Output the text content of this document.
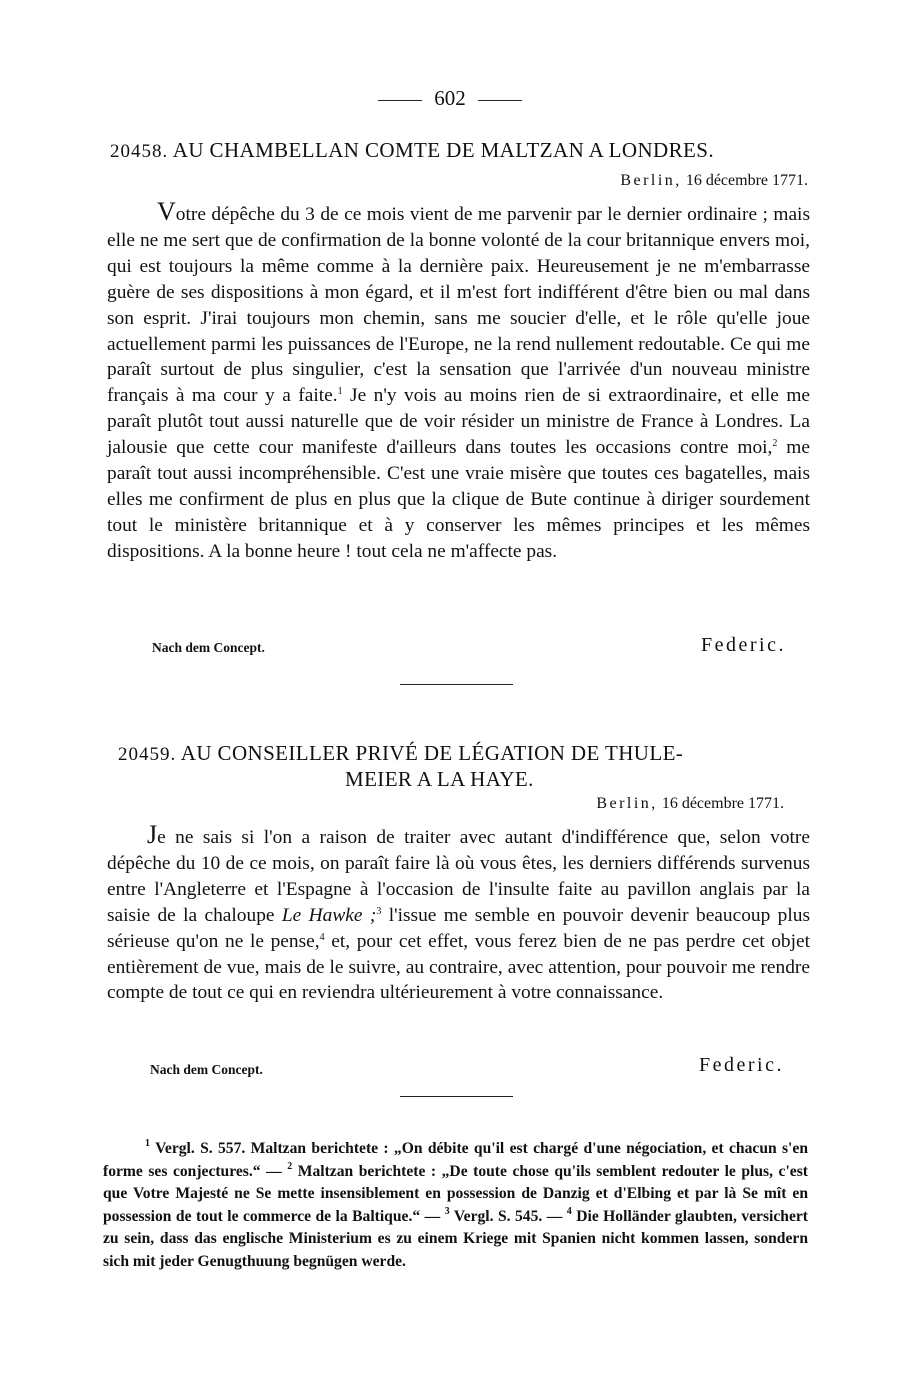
602
20458. AU CHAMBELLAN COMTE DE MALTZAN A LONDRES.
Berlin, 16 décembre 1771.
Votre dépêche du 3 de ce mois vient de me parvenir par le dernier ordinaire ; mais elle ne me sert que de confirmation de la bonne volonté de la cour britannique envers moi, qui est toujours la même comme à la dernière paix. Heureusement je ne m'embarrasse guère de ses dispositions à mon égard, et il m'est fort indifférent d'être bien ou mal dans son esprit. J'irai toujours mon chemin, sans me soucier d'elle, et le rôle qu'elle joue actuellement parmi les puissances de l'Europe, ne la rend nullement redoutable. Ce qui me paraît surtout de plus singulier, c'est la sensation que l'arrivée d'un nouveau ministre français à ma cour y a faite.$^1$ Je n'y vois au moins rien de si extraordinaire, et elle me paraît plutôt tout aussi naturelle que de voir résider un ministre de France à Londres. La jalousie que cette cour manifeste d'ailleurs dans toutes les occasions contre moi,$^2$ me paraît tout aussi incompréhensible. C'est une vraie misère que toutes ces bagatelles, mais elles me confirment de plus en plus que la clique de Bute continue à diriger sourdement tout le ministère britannique et à y conserver les mêmes principes et les mêmes dispositions. A la bonne heure ! tout cela ne m'affecte pas.
Nach dem Concept.	Federic.
20459. AU CONSEILLER PRIVÉ DE LÉGATION DE THULE-
MEIER A LA HAYE.
Berlin, 16 décembre 1771.
Je ne sais si l'on a raison de traiter avec autant d'indifférence que, selon votre dépêche du 10 de ce mois, on paraît faire là où vous êtes, les derniers différends survenus entre l'Angleterre et l'Espagne à l'occasion de l'insulte faite au pavillon anglais par la saisie de la chaloupe Le Hawke ;$^3$ l'issue me semble en pouvoir devenir beaucoup plus sérieuse qu'on ne le pense,$^4$ et, pour cet effet, vous ferez bien de ne pas perdre cet objet entièrement de vue, mais de le suivre, au contraire, avec attention, pour pouvoir me rendre compte de tout ce qui en reviendra ultérieurement à votre connaissance.
Nach dem Concept.	Federic.

$^1$ Vergl. S. 557. Maltzan berichtete : „On débite qu'il est chargé d'une négociation, et chacun s'en forme ses conjectures.“ — $^2$ Maltzan berichtete : „De toute chose qu'ils semblent redouter le plus, c'est que Votre Majesté ne Se mette insensiblement en possession de Danzig et d'Elbing et par là Se mît en possession de tout le commerce de la Baltique.“ — $^3$ Vergl. S. 545. — $^4$ Die Holländer glaubten, versichert zu sein, dass das englische Ministerium es zu einem Kriege mit Spanien nicht kommen lassen, sondern sich mit jeder Genugthuung begnügen werde.
